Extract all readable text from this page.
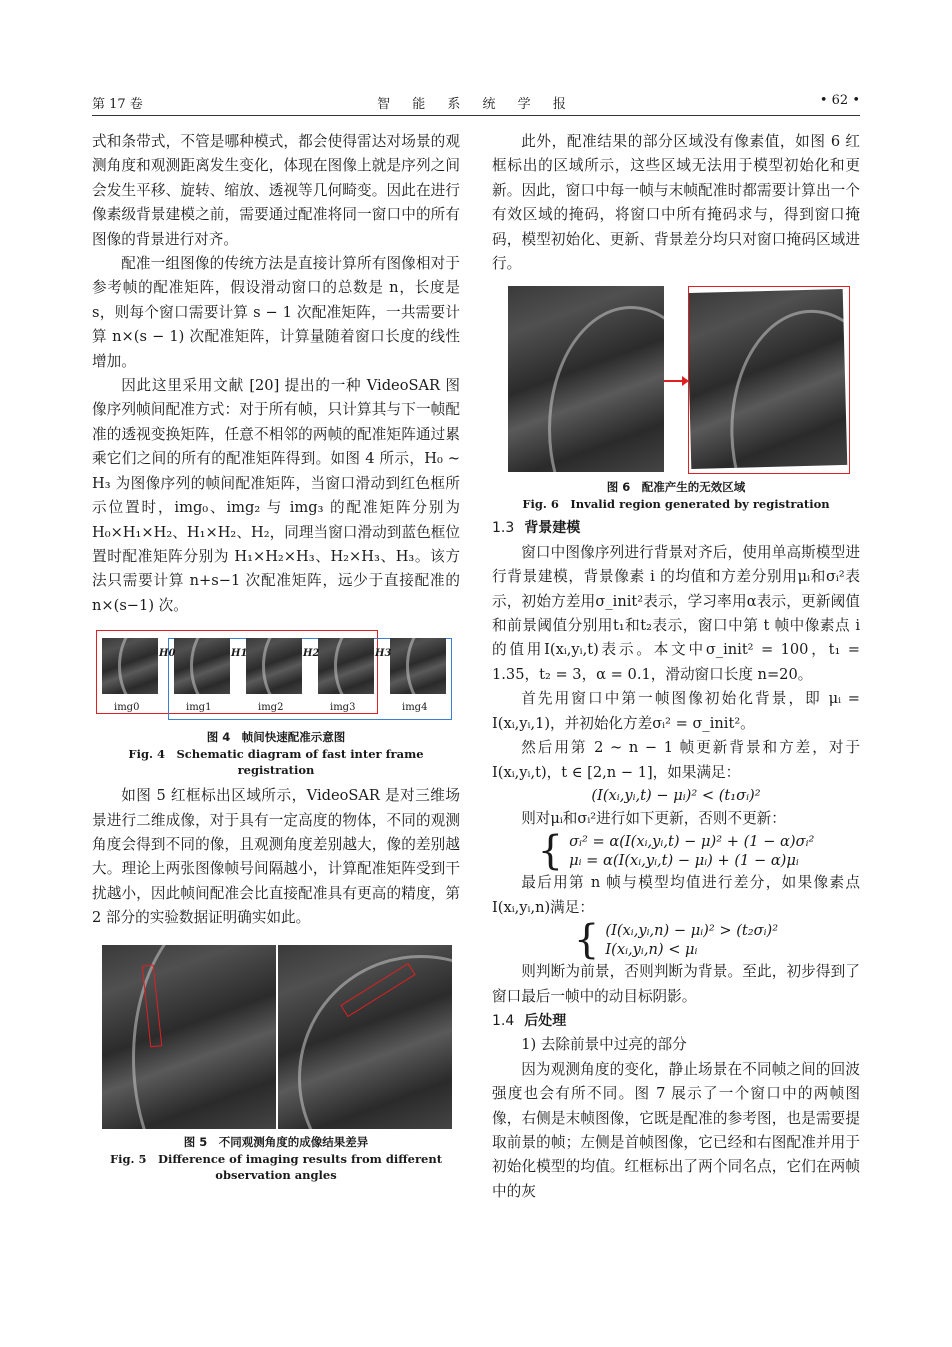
第 17 卷	智 能 系 统 学 报	• 62 •

式和条带式，不管是哪种模式，都会使得雷达对场景的观测角度和观测距离发生变化，体现在图像上就是序列之间会发生平移、旋转、缩放、透视等几何畸变。因此在进行像素级背景建模之前，需要通过配准将同一窗口中的所有图像的背景进行对齐。

配准一组图像的传统方法是直接计算所有图像相对于参考帧的配准矩阵，假设滑动窗口的总数是 n，长度是 s，则每个窗口需要计算 s − 1 次配准矩阵，一共需要计算 n×(s − 1) 次配准矩阵，计算量随着窗口长度的线性增加。

因此这里采用文献 [20] 提出的一种 VideoSAR 图像序列帧间配准方式：对于所有帧，只计算其与下一帧配准的透视变换矩阵，任意不相邻的两帧的配准矩阵通过累乘它们之间的所有的配准矩阵得到。如图 4 所示，H₀ ~ H₃ 为图像序列的帧间配准矩阵，当窗口滑动到红色框所示位置时，img₀、img₂ 与 img₃ 的配准矩阵分别为 H₀×H₁×H₂、H₁×H₂、H₂，同理当窗口滑动到蓝色框位置时配准矩阵分别为 H₁×H₂×H₃、H₂×H₃、H₃。该方法只需要计算 n+s−1 次配准矩阵，远少于直接配准的 n×(s−1) 次。

H0	H1	H2	H3
img0	img1	img2	img3	img4
图 4　帧间快速配准示意图
Fig. 4　Schematic diagram of fast inter frame registration

如图 5 红框标出区域所示，VideoSAR 是对三维场景进行二维成像，对于具有一定高度的物体，不同的观测角度会得到不同的像，且观测角度差别越大，像的差别越大。理论上两张图像帧号间隔越小，计算配准矩阵受到干扰越小，因此帧间配准会比直接配准具有更高的精度，第 2 部分的实验数据证明确实如此。

图 5　不同观测角度的成像结果差异
Fig. 5　Difference of imaging results from different observation angles

此外，配准结果的部分区域没有像素值，如图 6 红框标出的区域所示，这些区域无法用于模型初始化和更新。因此，窗口中每一帧与末帧配准时都需要计算出一个有效区域的掩码，将窗口中所有掩码求与，得到窗口掩码，模型初始化、更新、背景差分均只对窗口掩码区域进行。

图 6　配准产生的无效区域
Fig. 6　Invalid region generated by registration
1.3 背景建模

窗口中图像序列进行背景对齐后，使用单高斯模型进行背景建模，背景像素 i 的均值和方差分别用μᵢ和σᵢ²表示，初始方差用σ_init²表示，学习率用α表示，更新阈值和前景阈值分别用t₁和t₂表示，窗口中第 t 帧中像素点 i 的值用I(xᵢ,yᵢ,t)表示。本文中σ_init² = 100，t₁ = 1.35，t₂ = 3，α = 0.1，滑动窗口长度 n=20。

首先用窗口中第一帧图像初始化背景，即 μᵢ = I(xᵢ,yᵢ,1)，并初始化方差σᵢ² = σ_init²。

然后用第 2 ~ n − 1 帧更新背景和方差，对于 I(xᵢ,yᵢ,t)，t ∈ [2,n − 1]，如果满足：

(I(xᵢ,yᵢ,t) − μᵢ)² < (t₁σᵢ)²

则对μᵢ和σᵢ²进行如下更新，否则不更新：

{ σᵢ² = α(I(xᵢ,yᵢ,t) − μ)² + (1 − α)σᵢ²
μᵢ = α(I(xᵢ,yᵢ,t) − μᵢ) + (1 − α)μᵢ

最后用第 n 帧与模型均值进行差分，如果像素点I(xᵢ,yᵢ,n)满足：

{ (I(xᵢ,yᵢ,n) − μᵢ)² > (t₂σᵢ)²
I(xᵢ,yᵢ,n) < μᵢ

则判断为前景，否则判断为背景。至此，初步得到了窗口最后一帧中的动目标阴影。

1.4 后处理

1) 去除前景中过亮的部分

因为观测角度的变化，静止场景在不同帧之间的回波强度也会有所不同。图 7 展示了一个窗口中的两帧图像，右侧是末帧图像，它既是配准的参考图，也是需要提取前景的帧；左侧是首帧图像，它已经和右图配准并用于初始化模型的均值。红框标出了两个同名点，它们在两帧中的灰
